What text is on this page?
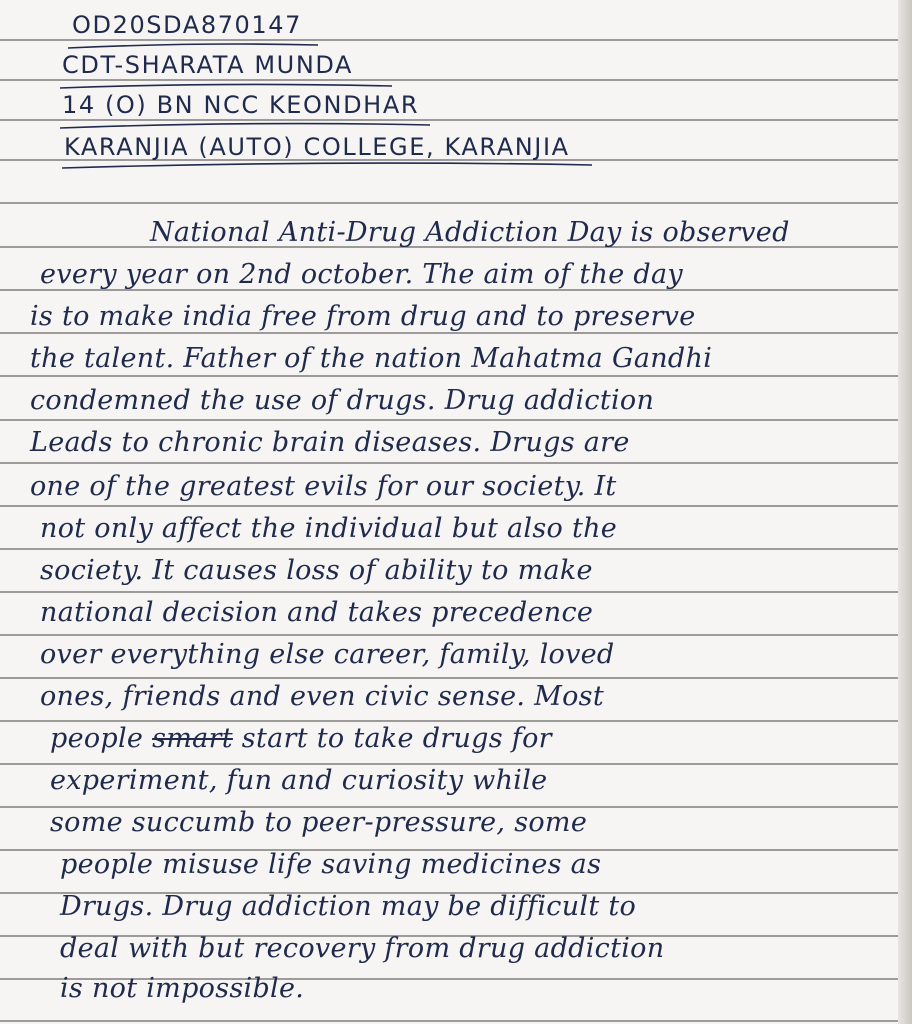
OD20SDA870147
CDT-SHARATA MUNDA
14 (O) BN NCC KEONDHAR
KARANJIA (AUTO) COLLEGE, KARANJIA
National Anti-Drug Addiction Day is observed
every year on 2nd october. The aim of the day
is to make india free from drug and to preserve
the talent. Father of the nation Mahatma Gandhi
condemned the use of drugs. Drug addiction
Leads to chronic brain diseases. Drugs are
one of the greatest evils for our society. It
not only affect the individual but also the
society. It causes loss of ability to make
national decision and takes precedence
over everything else career, family, loved
ones, friends and even civic sense. Most
people smart start to take drugs for
experiment, fun and curiosity while
some succumb to peer-pressure, some
people misuse life saving medicines as
Drugs. Drug addiction may be difficult to
deal with but recovery from drug addiction
is not impossible.
